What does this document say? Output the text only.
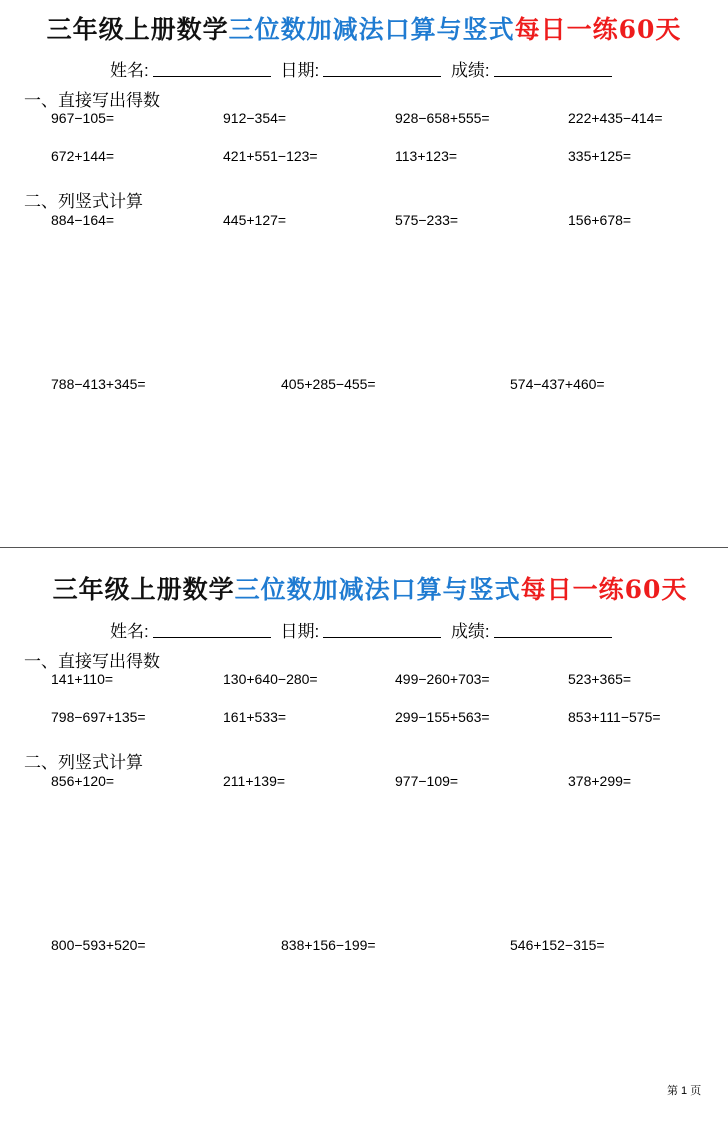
三年级上册数学三位数加减法口算与竖式每日一练60天
姓名:	日期:	成绩:
一、直接写出得数
967−105=	912−354=	928−658+555=	222+435−414=
672+144=	421+551−123=	113+123=	335+125=
二、列竖式计算
884−164=	445+127=	575−233=	156+678=
788−413+345=	405+285−455=	574−437+460=
三年级上册数学三位数加减法口算与竖式每日一练60天
姓名:	日期:	成绩:
一、直接写出得数
141+110=	130+640−280=	499−260+703=	523+365=
798−697+135=	161+533=	299−155+563=	853+111−575=
二、列竖式计算
856+120=	211+139=	977−109=	378+299=
800−593+520=	838+156−199=	546+152−315=
第 1 页
